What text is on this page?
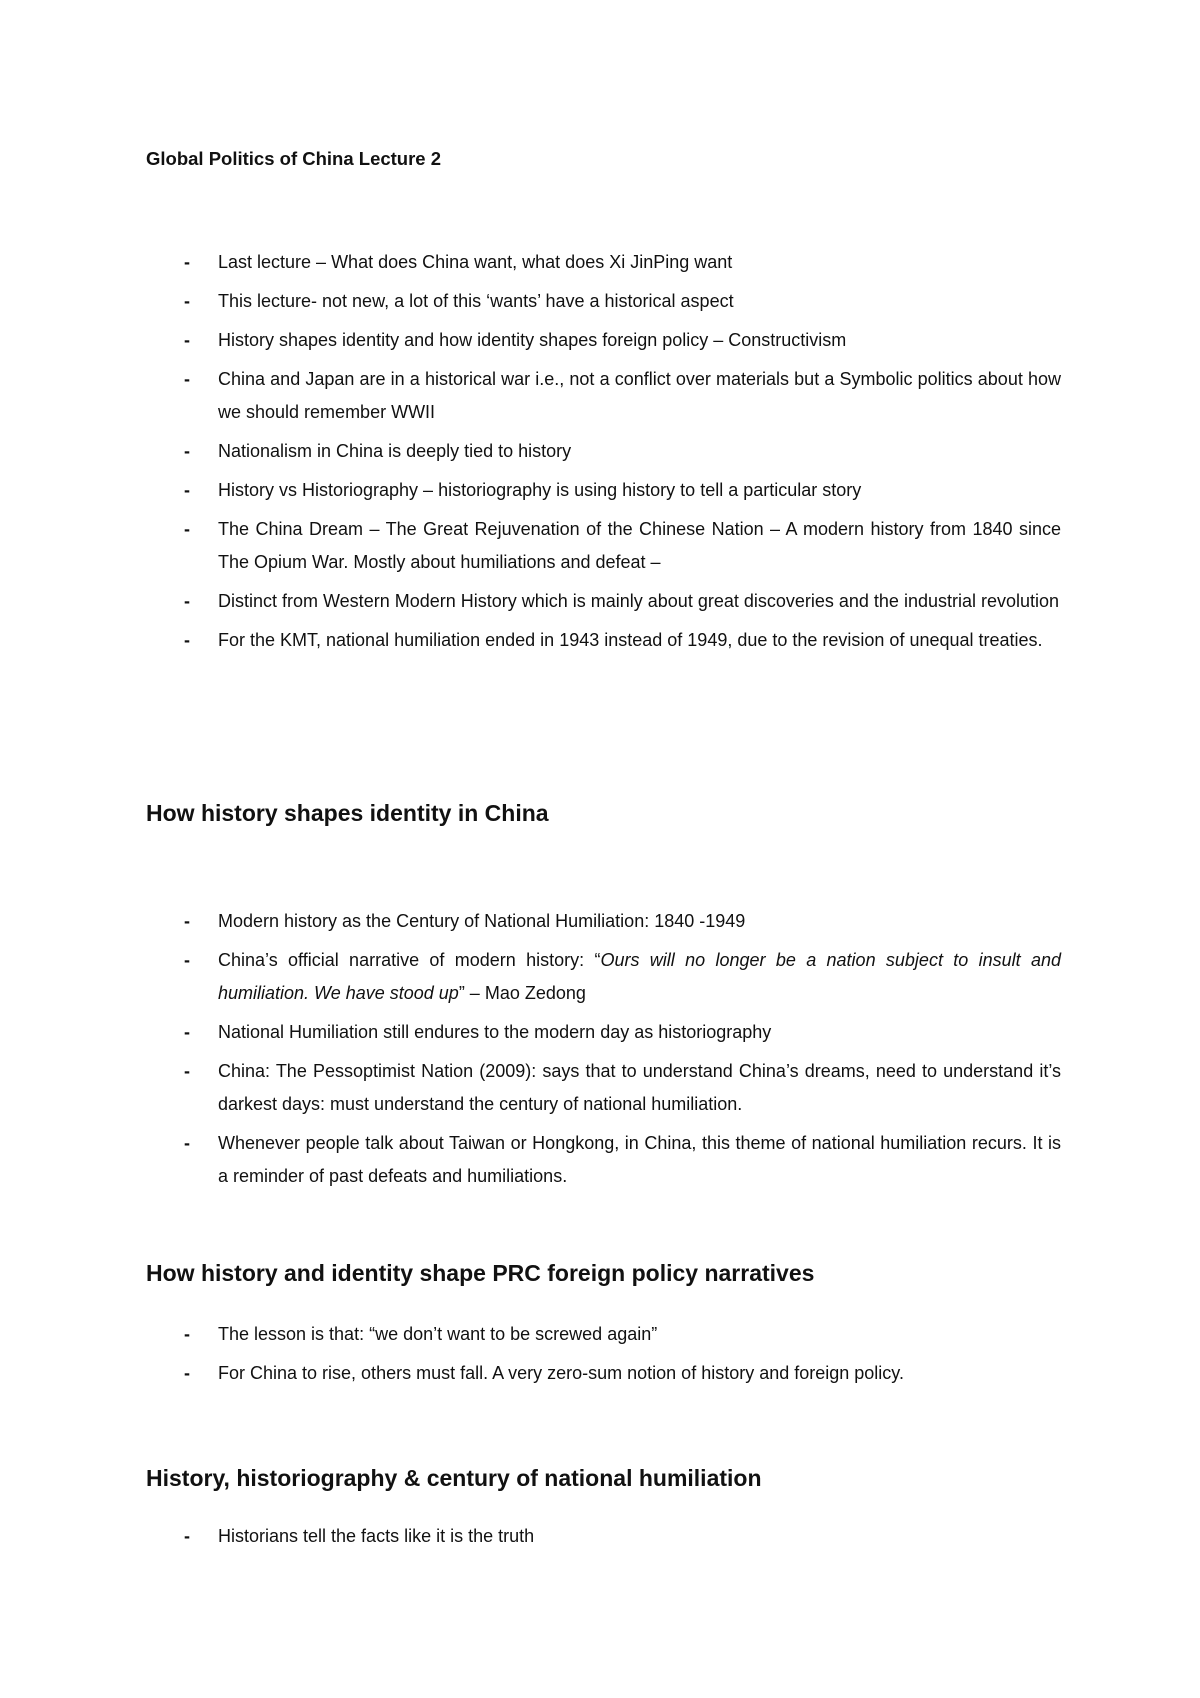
Global Politics of China Lecture 2
- Last lecture – What does China want, what does Xi JinPing want
- This lecture- not new, a lot of this ‘wants’ have a historical aspect
- History shapes identity and how identity shapes foreign policy – Constructivism
- China and Japan are in a historical war i.e., not a conflict over materials but a Symbolic politics about how we should remember WWII
- Nationalism in China is deeply tied to history
- History vs Historiography – historiography is using history to tell a particular story
- The China Dream – The Great Rejuvenation of the Chinese Nation – A modern history from 1840 since The Opium War. Mostly about humiliations and defeat –
- Distinct from Western Modern History which is mainly about great discoveries and the industrial revolution
- For the KMT, national humiliation ended in 1943 instead of 1949, due to the revision of unequal treaties.
How history shapes identity in China
- Modern history as the Century of National Humiliation: 1840 -1949
- China’s official narrative of modern history: “Ours will no longer be a nation subject to insult and humiliation. We have stood up” – Mao Zedong
- National Humiliation still endures to the modern day as historiography
- China: The Pessoptimist Nation (2009): says that to understand China’s dreams, need to understand it’s darkest days: must understand the century of national humiliation.
- Whenever people talk about Taiwan or Hongkong, in China, this theme of national humiliation recurs. It is a reminder of past defeats and humiliations.
How history and identity shape PRC foreign policy narratives
- The lesson is that: “we don’t want to be screwed again”
- For China to rise, others must fall. A very zero-sum notion of history and foreign policy.
History, historiography & century of national humiliation
- Historians tell the facts like it is the truth
